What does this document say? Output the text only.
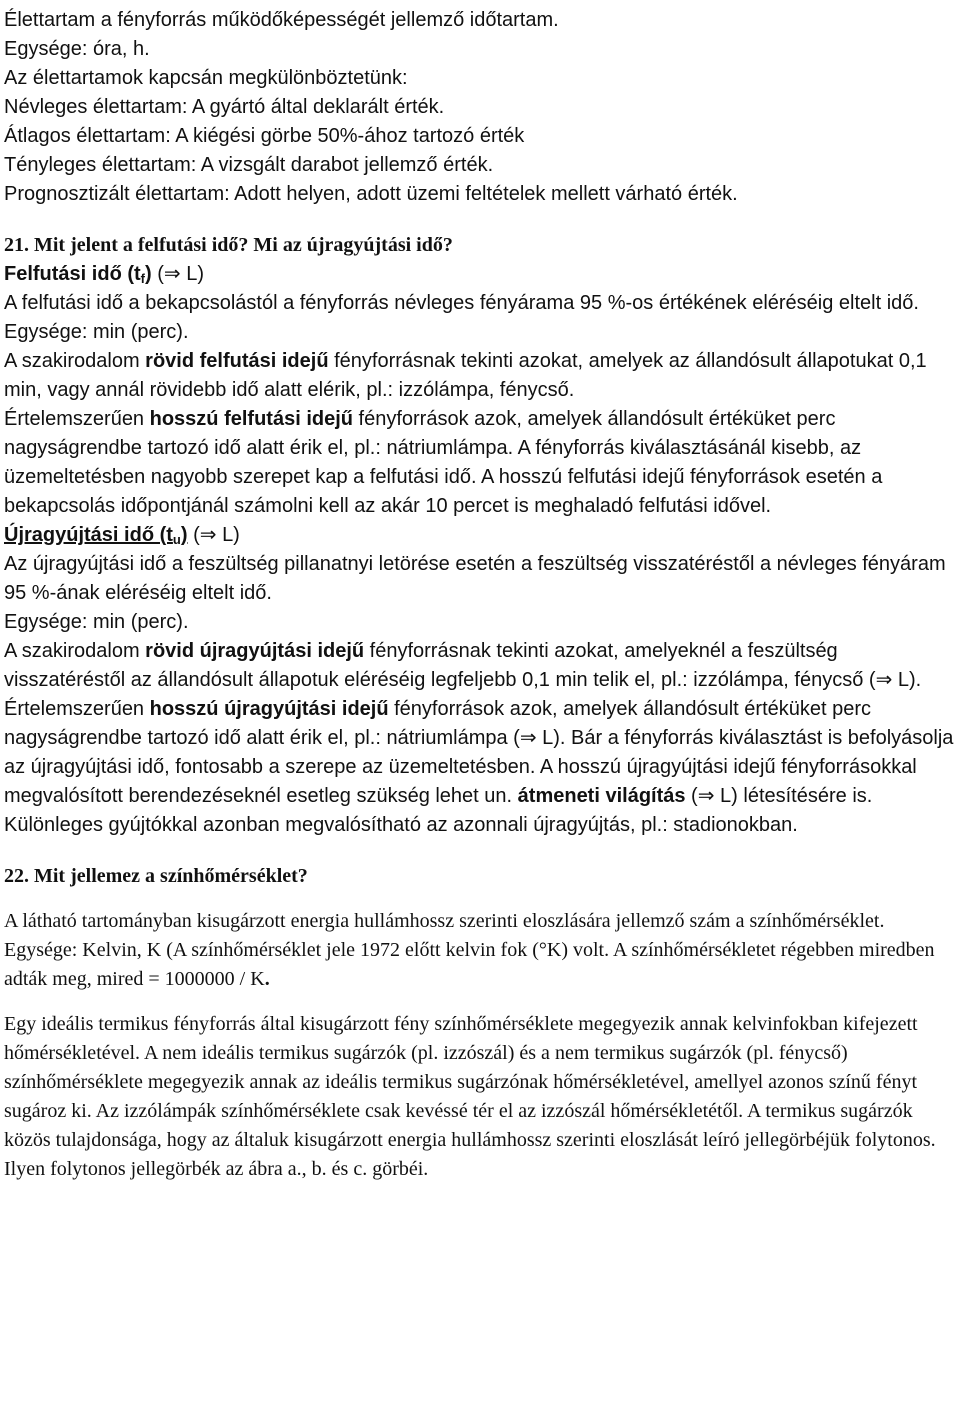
Élettartam a fényforrás működőképességét jellemző időtartam.

Egysége: óra, h.

Az élettartamok kapcsán megkülönböztetünk:

Névleges élettartam: A gyártó által deklarált érték.

Átlagos élettartam: A kiégési görbe 50%-ához tartozó érték

Tényleges élettartam: A vizsgált darabot jellemző érték.

Prognosztizált élettartam: Adott helyen, adott üzemi feltételek mellett várható érték.

21. Mit jelent a felfutási idő? Mi az újragyújtási idő?

Felfutási idő $(t_f)$ (⇒ L)

A felfutási idő a bekapcsolástól a fényforrás névleges fényárama 95 %-os értékének eléréséig eltelt idő.

Egysége: min (perc).

A szakirodalom rövid felfutási idejű fényforrásnak tekinti azokat, amelyek az állandósult állapotukat 0,1 min, vagy annál rövidebb idő alatt elérik, pl.: izzólámpa, fénycső.

Értelemszerűen hosszú felfutási idejű fényforrások azok, amelyek állandósult értéküket perc nagyságrendbe tartozó idő alatt érik el, pl.: nátriumlámpa. A fényforrás kiválasztásánál kisebb, az üzemeltetésben nagyobb szerepet kap a felfutási idő. A hosszú felfutási idejű fényforrások esetén a bekapcsolás időpontjánál számolni kell az akár 10 percet is meghaladó felfutási idővel.

Újragyújtási idő $(t_u)$ (⇒ L)

Az újragyújtási idő a feszültség pillanatnyi letörése esetén a feszültség visszatéréstől a névleges fényáram 95 %-ának eléréséig eltelt idő.

Egysége: min (perc).

A szakirodalom rövid újragyújtási idejű fényforrásnak tekinti azokat, amelyeknél a feszültség visszatéréstől az állandósult állapotuk eléréséig legfeljebb 0,1 min telik el, pl.: izzólámpa, fénycső (⇒ L). Értelemszerűen hosszú újragyújtási idejű fényforrások azok, amelyek állandósult értéküket perc nagyságrendbe tartozó idő alatt érik el, pl.: nátriumlámpa (⇒ L). Bár a fényforrás kiválasztást is befolyásolja az újragyújtási idő, fontosabb a szerepe az üzemeltetésben. A hosszú újragyújtási idejű fényforrásokkal megvalósított berendezéseknél esetleg szükség lehet un. átmeneti világítás (⇒ L) létesítésére is. Különleges gyújtókkal azonban megvalósítható az azonnali újragyújtás, pl.: stadionokban.

22. Mit jellemez a színhőmérséklet?

A látható tartományban kisugárzott energia hullámhossz szerinti eloszlására jellemző szám a színhőmérséklet. Egysége: Kelvin, K (A színhőmérséklet jele 1972 előtt kelvin fok (°K) volt. A színhőmérsékletet régebben miredben adták meg, mired = 1000000 / K.

Egy ideális termikus fényforrás által kisugárzott fény színhőmérséklete megegyezik annak kelvinfokban kifejezett hőmérsékletével. A nem ideális termikus sugárzók (pl. izzószál) és a nem termikus sugárzók (pl. fénycső) színhőmérséklete megegyezik annak az ideális termikus sugárzónak hőmérsékletével, amellyel azonos színű fényt sugároz ki. Az izzólámpák színhőmérséklete csak kevéssé tér el az izzószál hőmérsékletétől. A termikus sugárzók közös tulajdonsága, hogy az általuk kisugárzott energia hullámhossz szerinti eloszlását leíró jellegörbéjük folytonos. Ilyen folytonos jellegörbék az ábra a., b. és c. görbéi.
